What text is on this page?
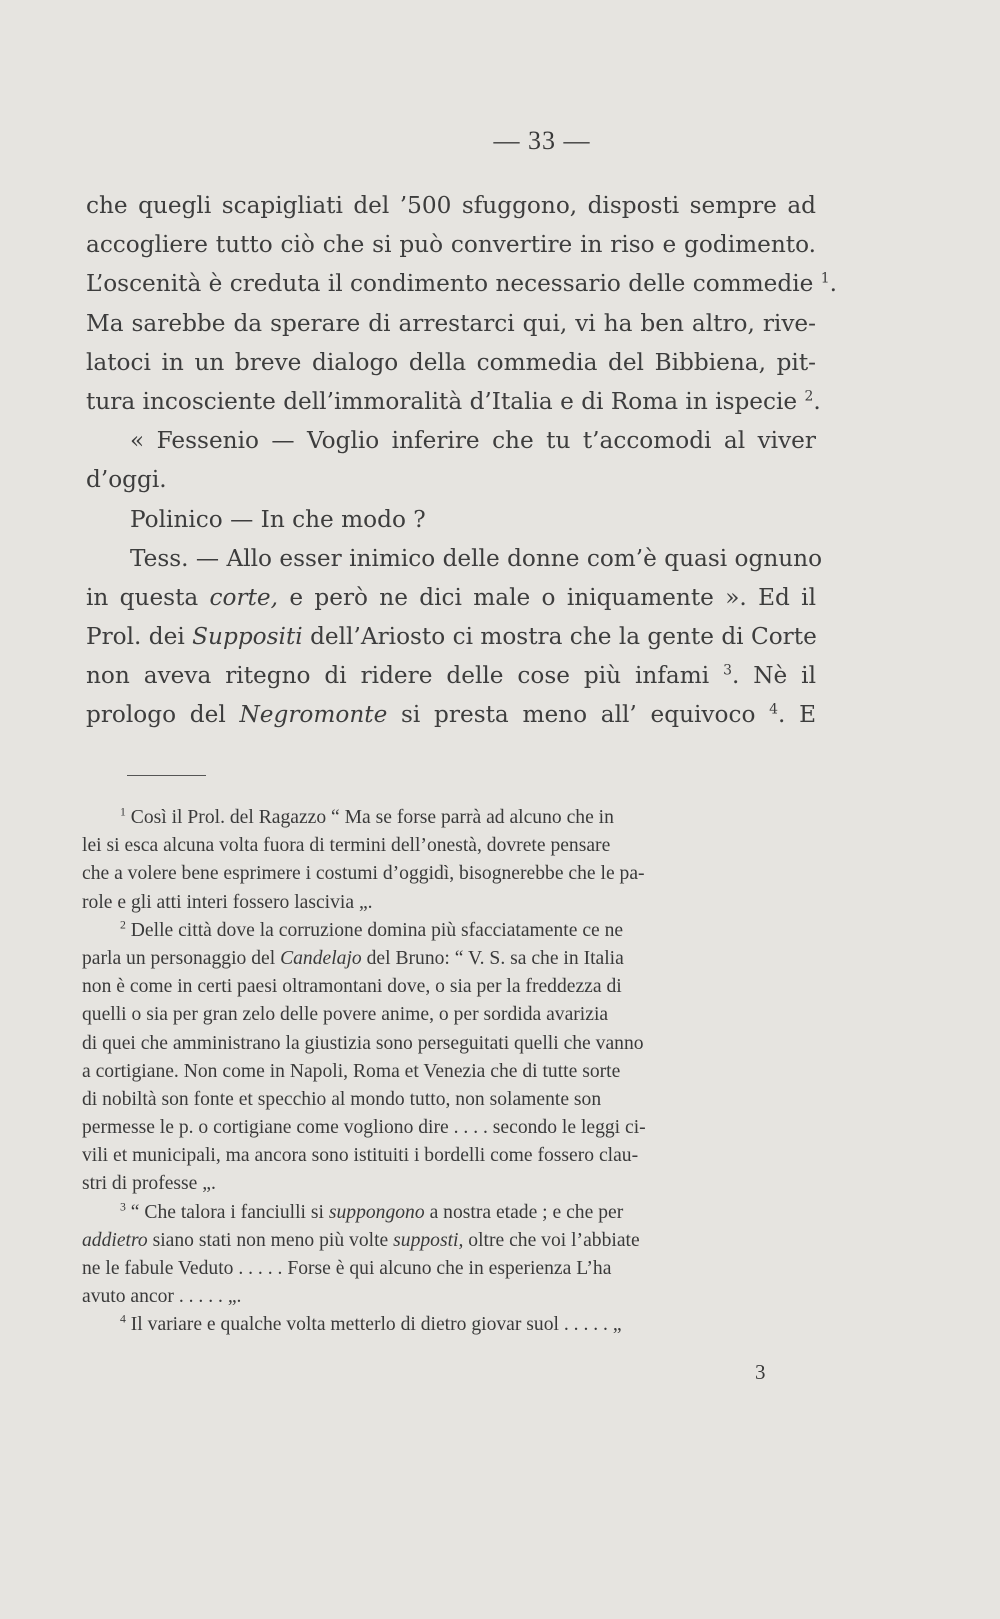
— 33 —
che quegli scapigliati del ’500 sfuggono, disposti sempre ad
accogliere tutto ciò che si può convertire in riso e godimento.
L’oscenità è creduta il condimento necessario delle commedie $^1$.
Ma sarebbe da sperare di arrestarci qui, vi ha ben altro, rive-
latoci in un breve dialogo della commedia del Bibbiena, pit-
tura incosciente dell’immoralità d’Italia e di Roma in ispecie $^2$.
« Fessenio — Voglio inferire che tu t’accomodi al viver
d’oggi.
Polinico — In che modo ?
Tess. — Allo esser inimico delle donne com’è quasi ognuno
in questa corte, e però ne dici male o iniquamente ». Ed il
Prol. dei Suppositi dell’Ariosto ci mostra che la gente di Corte
non aveva ritegno di ridere delle cose più infami $^3$. Nè il
prologo del Negromonte si presta meno all’ equivoco $^4$. E
$^1$ Così il Prol. del Ragazzo “ Ma se forse parrà ad alcuno che in
lei si esca alcuna volta fuora di termini dell’onestà, dovrete pensare
che a volere bene esprimere i costumi d’oggidì, bisognerebbe che le pa-
role e gli atti interi fossero lascivia „.
$^2$ Delle città dove la corruzione domina più sfacciatamente ce ne
parla un personaggio del Candelajo del Bruno: “ V. S. sa che in Italia
non è come in certi paesi oltramontani dove, o sia per la freddezza di
quelli o sia per gran zelo delle povere anime, o per sordida avarizia
di quei che amministrano la giustizia sono perseguitati quelli che vanno
a cortigiane. Non come in Napoli, Roma et Venezia che di tutte sorte
di nobiltà son fonte et specchio al mondo tutto, non solamente son
permesse le p. o cortigiane come vogliono dire . . . . secondo le leggi ci-
vili et municipali, ma ancora sono istituiti i bordelli come fossero clau-
stri di professe „.
$^3$ “ Che talora i fanciulli si suppongono a nostra etade ; e che per
addietro siano stati non meno più volte supposti, oltre che voi l’abbiate
ne le fabule Veduto . . . . . Forse è qui alcuno che in esperienza L’ha
avuto ancor . . . . . „.
$^4$ Il variare e qualche volta metterlo di dietro giovar suol . . . . . „
3
